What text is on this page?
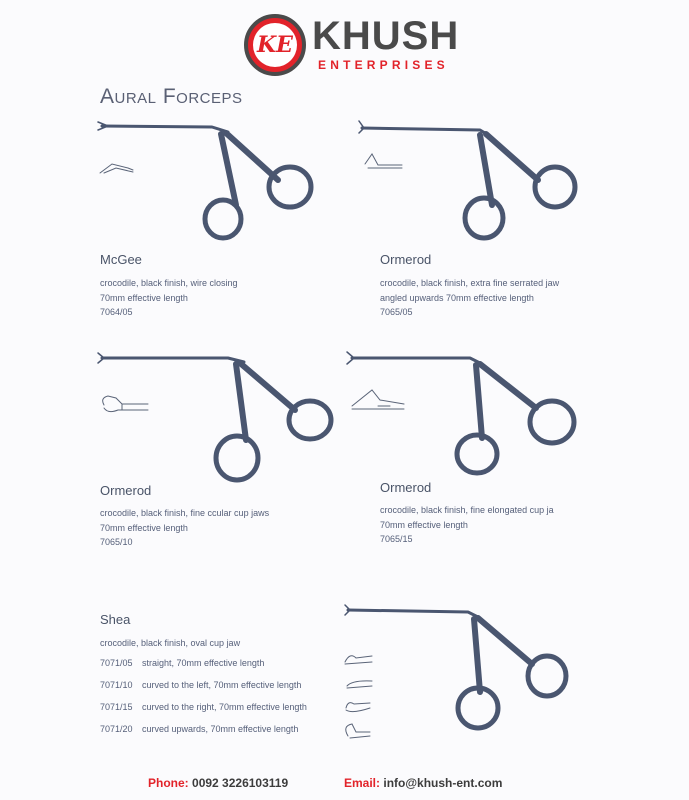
KE KHUSH
ENTERPRISES
Aural Forceps
McGee
crocodile, black finish, wire closing
70mm effective length
7064/05
Ormerod
crocodile, black finish, extra fine serrated jaw
angled upwards 70mm effective length
7065/05
Ormerod
crocodile, black finish, fine ccular cup jaws
70mm effective length
7065/10
Ormerod
crocodile, black finish, fine elongated cup ja
70mm effective length
7065/15
Shea
crocodile, black finish, oval cup jaw
7071/05 straight, 70mm effective length
7071/10 curved to the left, 70mm effective length
7071/15 curved to the right, 70mm effective length
7071/20 curved upwards, 70mm effective length
Phone: 0092 3226103119	Email: info@khush-ent.com
